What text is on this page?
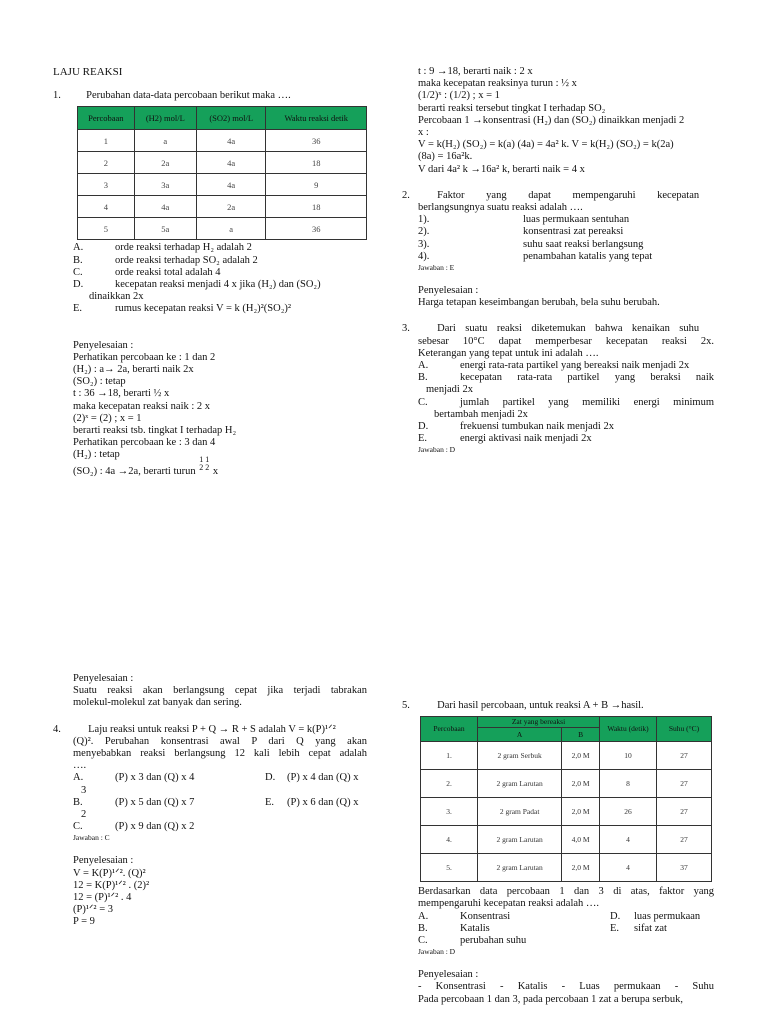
LAJU REAKSI
1. Perubahan data-data percobaan berikut maka ….
Percobaan	(H2) mol/L	(SO2) mol/L	Waktu reaksi detik
1	a	4a	36
2	2a	4a	18
3	3a	4a	9
4	4a	2a	18
5	5a	a	36
A.	orde reaksi terhadap H₂ adalah 2
B.	orde reaksi terhadap SO₂ adalah 2
C.	orde reaksi total adalah 4
D.	kecepatan reaksi menjadi 4 x jika (H₂) dan (SO₂)
dinaikkan 2x
E.	rumus kecepatan reaksi V = k (H₂)²(SO₂)²
Penyelesaian :
Perhatikan percobaan ke : 1 dan 2
(H₂) : a→ 2a, berarti naik 2x
(SO₂) : tetap
t : 36 →18, berarti ½ x
maka kecepatan reaksi naik : 2 x
(2)ˣ = (2) ; x = 1
berarti reaksi tsb. tingkat I terhadap H₂
Perhatikan percobaan ke : 3 dan 4
(H₂) : tetap
(SO₂) : 4a →2a, berarti turun
1
2
1
2 x
t : 9 →18, berarti naik : 2 x
maka kecepatan reaksinya turun : ½ x
(1/2)ˣ : (1/2) ; x = 1
berarti reaksi tersebut tingkat I terhadap SO₂
Percobaan 1 →konsentrasi (H₂) dan (SO₂) dinaikkan menjadi 2
x :
V = k(H₂) (SO₂) = k(a) (4a) = 4a² k. V = k(H₂) (SO₂) = k(2a)
(8a) = 16a²k.
V dari 4a² k →16a² k, berarti naik = 4 x
2.	Faktor yang dapat mempengaruhi kecepatan
berlangsungnya suatu reaksi adalah ….
1).	luas permukaan sentuhan
2).	konsentrasi zat pereaksi
3).	suhu saat reaksi berlangsung
4).	penambahan katalis yang tepat
Jawaban : E
Penyelesaian :
Harga tetapan keseimbangan berubah, bela suhu berubah.
3.	Dari suatu reaksi diketemukan bahwa kenaikan suhu
sebesar 10°C dapat memperbesar kecepatan reaksi 2x.
Keterangan yang tepat untuk ini adalah ….
A.	energi rata-rata partikel yang bereaksi naik menjadi 2x
B.	kecepatan rata-rata partikel yang beraksi naik
menjadi 2x
C.	jumlah partikel yang memiliki energi minimum
bertambah menjadi 2x
D.	frekuensi tumbukan naik menjadi 2x
E.	energi aktivasi naik menjadi 2x
Jawaban : D
Penyelesaian :
Suatu reaksi akan berlangsung cepat jika terjadi tabrakan
molekul-molekul zat banyak dan sering.
4.	Laju reaksi untuk reaksi P + Q → R + S adalah V = k(P)¹ᐟ²
(Q)². Perubahan konsentrasi awal P dari Q yang akan
menyebabkan reaksi berlangsung 12 kali lebih cepat adalah
….
A.	(P) x 3 dan (Q) x 4	D.	(P) x 4 dan (Q) x
3
B.	(P) x 5 dan (Q) x 7	E.	(P) x 6 dan (Q) x
2
C.	(P) x 9 dan (Q) x 2
Jawaban : C
Penyelesaian :
V = K(P)¹ᐟ². (Q)²
12 = K(P)¹ᐟ² . (2)²
12 = (P)¹ᐟ² . 4
(P)¹ᐟ² = 3
P = 9
5.	Dari hasil percobaan, untuk reaksi A + B →hasil.
Percobaan	Zat yang bereaksi		Waktu (detik)	Suhu (°C)
	A	B		
1.	2 gram Serbuk	2,0 M	10	27
2.	2 gram Larutan	2,0 M	8	27
3.	2 gram Padat	2,0 M	26	27
4.	2 gram Larutan	4,0 M	4	27
5.	2 gram Larutan	2,0 M	4	37
Berdasarkan data percobaan 1 dan 3 di atas, faktor yang
mempengaruhi kecepatan reaksi adalah ….
A.	Konsentrasi	D.	luas permukaan
B.	Katalis	E.	sifat zat
C.	perubahan suhu
Jawaban : D
Penyelesaian :
- Konsentrasi - Katalis - Luas permukaan - Suhu
Pada percobaan 1 dan 3, pada percobaan 1 zat a berupa serbuk,
